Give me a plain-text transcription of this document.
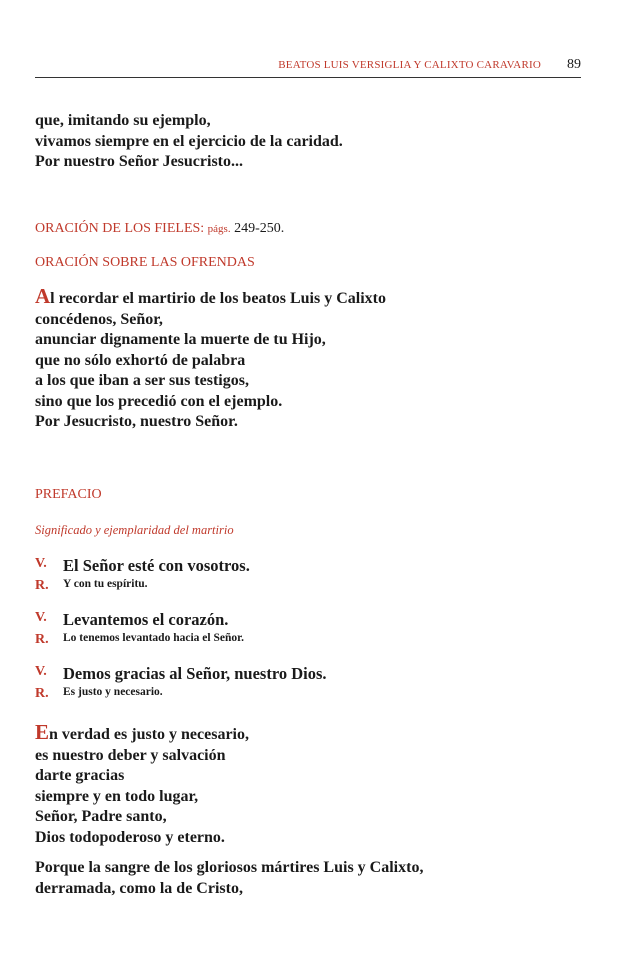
BEATOS LUIS VERSIGLIA Y CALIXTO CARAVARIO 89
que, imitando su ejemplo,
vivamos siempre en el ejercicio de la caridad.
Por nuestro Señor Jesucristo...
ORACIÓN DE LOS FIELES: págs. 249-250.
ORACIÓN SOBRE LAS OFRENDAS
Al recordar el martirio de los beatos Luis y Calixto
concédenos, Señor,
anunciar dignamente la muerte de tu Hijo,
que no sólo exhortó de palabra
a los que iban a ser sus testigos,
sino que los precedió con el ejemplo.
Por Jesucristo, nuestro Señor.
PREFACIO
Significado y ejemplaridad del martirio
V. El Señor esté con vosotros.
R. Y con tu espíritu.
V. Levantemos el corazón.
R. Lo tenemos levantado hacia el Señor.
V. Demos gracias al Señor, nuestro Dios.
R. Es justo y necesario.
En verdad es justo y necesario,
es nuestro deber y salvación
darte gracias
siempre y en todo lugar,
Señor, Padre santo,
Dios todopoderoso y eterno.
Porque la sangre de los gloriosos mártires Luis y Calixto,
derramada, como la de Cristo,
